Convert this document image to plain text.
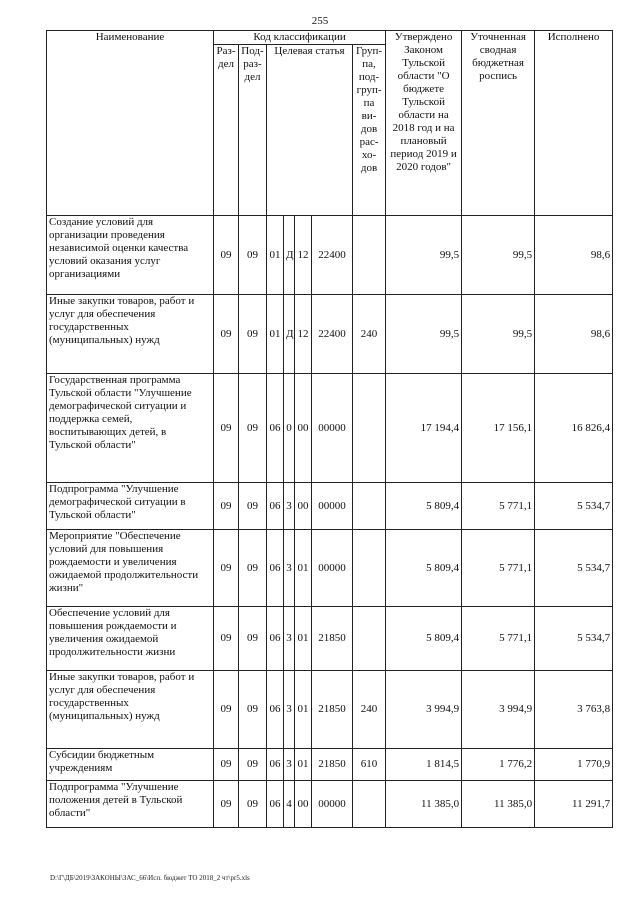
255
Наименование	Код классификации							Утверждено Законом Тульской области "О бюджете Тульской области на 2018 год и на плановый период 2019 и 2020 годов"	Уточненная сводная бюджетная роспись	Исполнено
	Раз-дел	Под-раз-дел	Целевая статья				Груп-па, под-груп-па ви-дов рас-хо-дов			
Создание условий для организации проведения независимой оценки качества условий оказания услуг организациями	09	09	01	Д	12	22400		99,5	99,5	98,6
Иные закупки товаров, работ и услуг для обеспечения государственных (муниципальных) нужд	09	09	01	Д	12	22400	240	99,5	99,5	98,6
Государственная программа Тульской области "Улучшение демографической ситуации и поддержка семей, воспитывающих детей, в Тульской области"	09	09	06	0	00	00000		17 194,4	17 156,1	16 826,4
Подпрограмма "Улучшение демографической ситуации в Тульской области"	09	09	06	3	00	00000		5 809,4	5 771,1	5 534,7
Мероприятие "Обеспечение условий для повышения рождаемости и увеличения ожидаемой продолжительности жизни"	09	09	06	3	01	00000		5 809,4	5 771,1	5 534,7
Обеспечение условий для повышения рождаемости и увеличения ожидаемой продолжительности жизни	09	09	06	3	01	21850		5 809,4	5 771,1	5 534,7
Иные закупки товаров, работ и услуг для обеспечения государственных (муниципальных) нужд	09	09	06	3	01	21850	240	3 994,9	3 994,9	3 763,8
Субсидии бюджетным учреждениям	09	09	06	3	01	21850	610	1 814,5	1 776,2	1 770,9
Подпрограмма "Улучшение положения детей в Тульской области"	09	09	06	4	00	00000		11 385,0	11 385,0	11 291,7
D:\Г\ДБ\2019\ЗАКОНЫ\ЗАС_66\Исп. бюджет ТО 2018_2 чт\pr5.xls
